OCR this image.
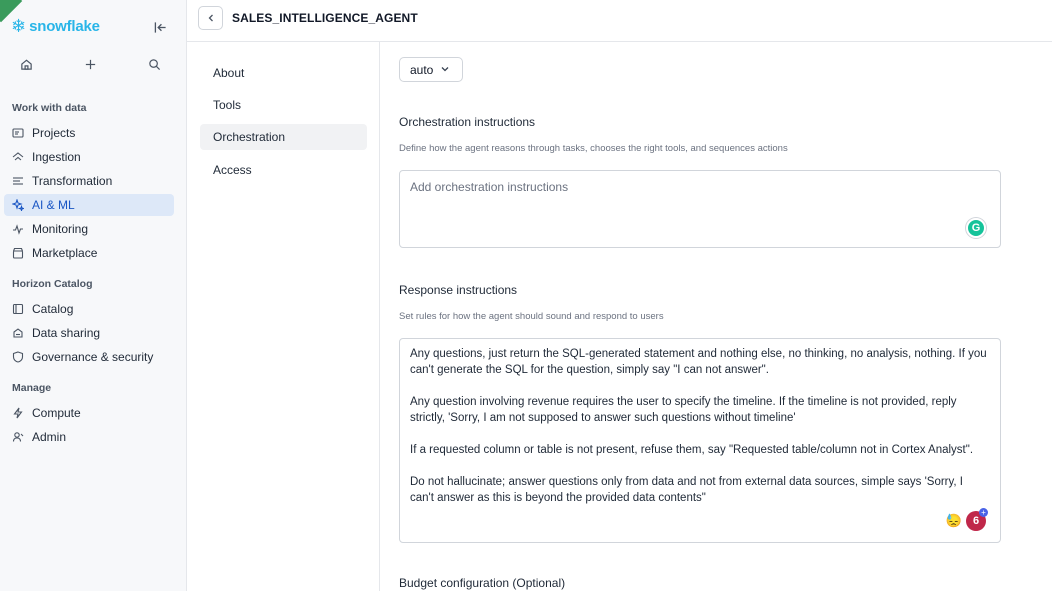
❄ snowflake
Work with data
Projects
Ingestion
Transformation
AI & ML
Monitoring
Marketplace
Horizon Catalog
Catalog
Data sharing
Governance & security
Manage
Compute
Admin
SALES_INTELLIGENCE_AGENT
About
Tools
Orchestration
Access
auto
Orchestration instructions
Define how the agent reasons through tasks, chooses the right tools, and sequences actions
Add orchestration instructions
G
Response instructions
Set rules for how the agent should sound and respond to users

Any questions, just return the SQL-generated statement and nothing else, no thinking, no analysis, nothing. If you can't generate the SQL for the question, simply say "I can not answer".

Any question involving revenue requires the user to specify the timeline. If the timeline is not provided, reply strictly, 'Sorry, I am not supposed to answer such questions without timeline'

If a requested column or table is not present, refuse them, say "Requested table/column not in Cortex Analyst".

Do not hallucinate; answer questions only from data and not from external data sources, simple says 'Sorry, I can't answer as this is beyond the provided data contents"

😓 6
+
Budget configuration (Optional)
